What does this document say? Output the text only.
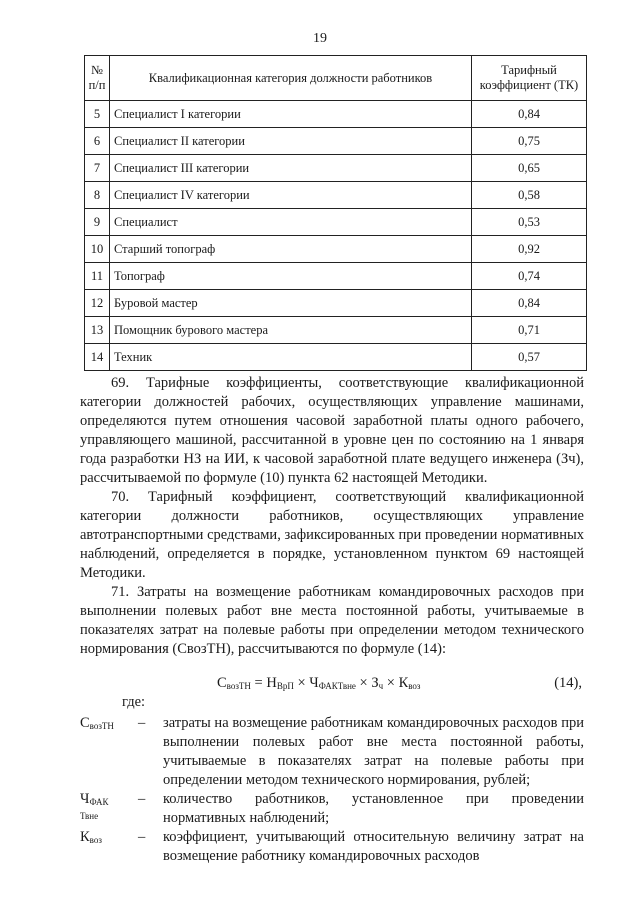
19
№ п/п	Квалификационная категория должности работников	Тарифный коэффициент (ТК)
5	Специалист I категории	0,84
6	Специалист II категории	0,75
7	Специалист III категории	0,65
8	Специалист IV категории	0,58
9	Специалист	0,53
10	Старший топограф	0,92
11	Топограф	0,74
12	Буровой мастер	0,84
13	Помощник бурового мастера	0,71
14	Техник	0,57

69. Тарифные коэффициенты, соответствующие квалификационной категории должностей рабочих, осуществляющих управление машинами, определяются путем отношения часовой заработной платы одного рабочего, управляющего машиной, рассчитанной в уровне цен по состоянию на 1 января года разработки НЗ на ИИ, к часовой заработной плате ведущего инженера (Зч), рассчитываемой по формуле (10) пункта 62 настоящей Методики.

70. Тарифный коэффициент, соответствующий квалификационной категории должности работников, осуществляющих управление автотранспортными средствами, зафиксированных при проведении нормативных наблюдений, определяется в порядке, установленном пунктом 69 настоящей Методики.

71. Затраты на возмещение работникам командировочных расходов при выполнении полевых работ вне места постоянной работы, учитываемые в показателях затрат на полевые работы при определении методом технического нормирования (СвозТН), рассчитываются по формуле (14):

$С_{возТН} = Н_{ВрП} \times Ч_{ФАКТвне} \times З_ч \times К_{воз}$	(14),
где:
$С_{возТН}$	– затраты на возмещение работникам командировочных расходов при выполнении полевых работ вне места постоянной работы, учитываемые в показателях затрат на полевые работы при определении методом технического нормирования, рублей;
$Ч_{ФАК}$
$_{Твне}$
– количество работников, установленное при проведении нормативных наблюдений;
$К_{воз}$	– коэффициент, учитывающий относительную величину затрат на возмещение работнику командировочных расходов
